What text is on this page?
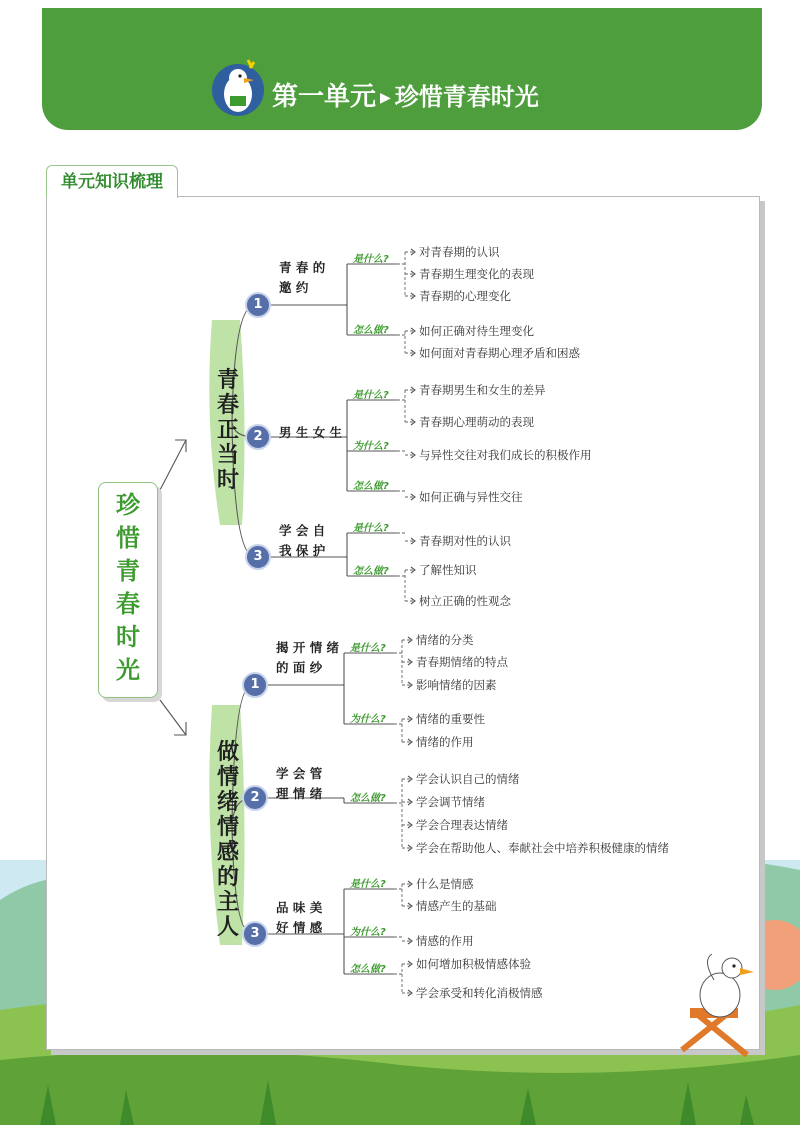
第一单元 ▶ 珍惜青春时光
单元知识梳理
珍
惜
青
春
时
光
青
春
正
当
时
1
青 春 的
邀 约
是什么?
对青春期的认识
青春期生理变化的表现
青春期的心理变化
怎么做?	如何正确对待生理变化
如何面对青春期心理矛盾和困惑
2	男 生 女 生
是什么?	青春期男生和女生的差异
青春期心理萌动的表现
为什么?
与异性交往对我们成长的积极作用
怎么做?
如何正确与异性交往
3
学 会 自
我 保 护
是什么?
青春期对性的认识
怎么做?	了解性知识
树立正确的性观念
做
情
绪
情
感
的
主
人
1
揭 开 情 绪
的 面 纱
是什么?
情绪的分类
青春期情绪的特点
影响情绪的因素
为什么?	情绪的重要性
情绪的作用
2
学 会 管
理 情 绪	怎么做?
学会认识自己的情绪
学会调节情绪
学会合理表达情绪
学会在帮助他人、奉献社会中培养积极健康的情绪
3
品 味 美
好 情 感
是什么?	什么是情感
情感产生的基础
为什么?
情感的作用
怎么做?	如何增加积极情感体验
学会承受和转化消极情感
